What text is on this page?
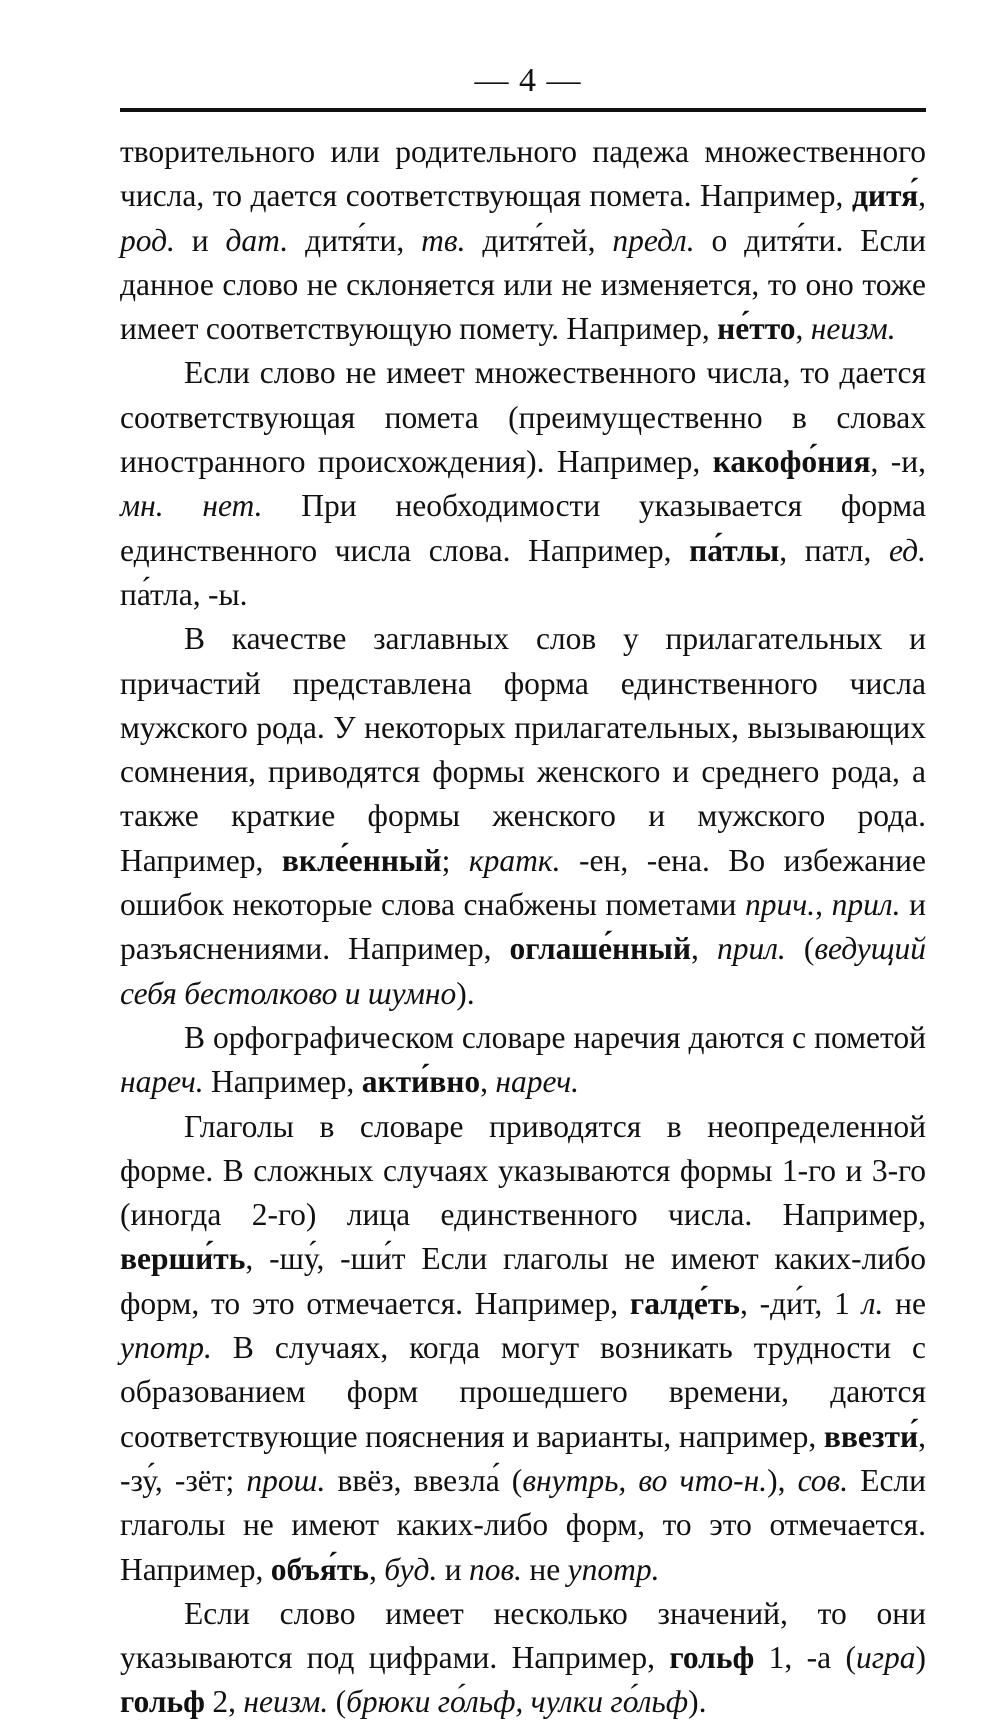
— 4 —

творительного или родительного падежа множественного числа, то дается соответствующая помета. Например, дитя́, род. и дат. дитя́ти, тв. дитя́тей, предл. о дитя́ти. Если данное слово не склоняется или не изменяется, то оно тоже имеет соответствующую помету. Например, не́тто, неизм.

Если слово не имеет множественного числа, то дается соответствующая помета (преимущественно в словах иностранного происхождения). Например, какофо́ния, -и, мн. нет. При необходимости указывается форма единственного числа слова. Например, па́тлы, патл, ед. па́тла, -ы.

В качестве заглавных слов у прилагательных и причастий представлена форма единственного числа мужского рода. У некоторых прилагательных, вызывающих сомнения, приводятся формы женского и среднего рода, а также краткие формы женского и мужского рода. Например, вкле́енный; кратк. -ен, -ена. Во избежание ошибок некоторые слова снабжены пометами прич., прил. и разъяснениями. Например, оглаше́нный, прил. (ведущий себя бестолково и шумно).

В орфографическом словаре наречия даются с пометой нареч. Например, акти́вно, нареч.

Глаголы в словаре приводятся в неопределенной форме. В сложных случаях указываются формы 1-го и 3-го (иногда 2-го) лица единственного числа. Например, верши́ть, -шу́, -ши́т Если глаголы не имеют каких-либо форм, то это отмечается. Например, галде́ть, -ди́т, 1 л. не употр. В случаях, когда могут возникать трудности с образованием форм прошедшего времени, даются соответствующие пояснения и варианты, например, ввезти́, -зу́, -зёт; прош. ввёз, ввезла́ (внутрь, во что-н.), сов. Если глаголы не имеют каких-либо форм, то это отмечается. Например, объя́ть, буд. и пов. не употр.

Если слово имеет несколько значений, то они указываются под цифрами. Например, гольф 1, -а (игра) гольф 2, неизм. (брюки го́льф, чулки го́льф).
